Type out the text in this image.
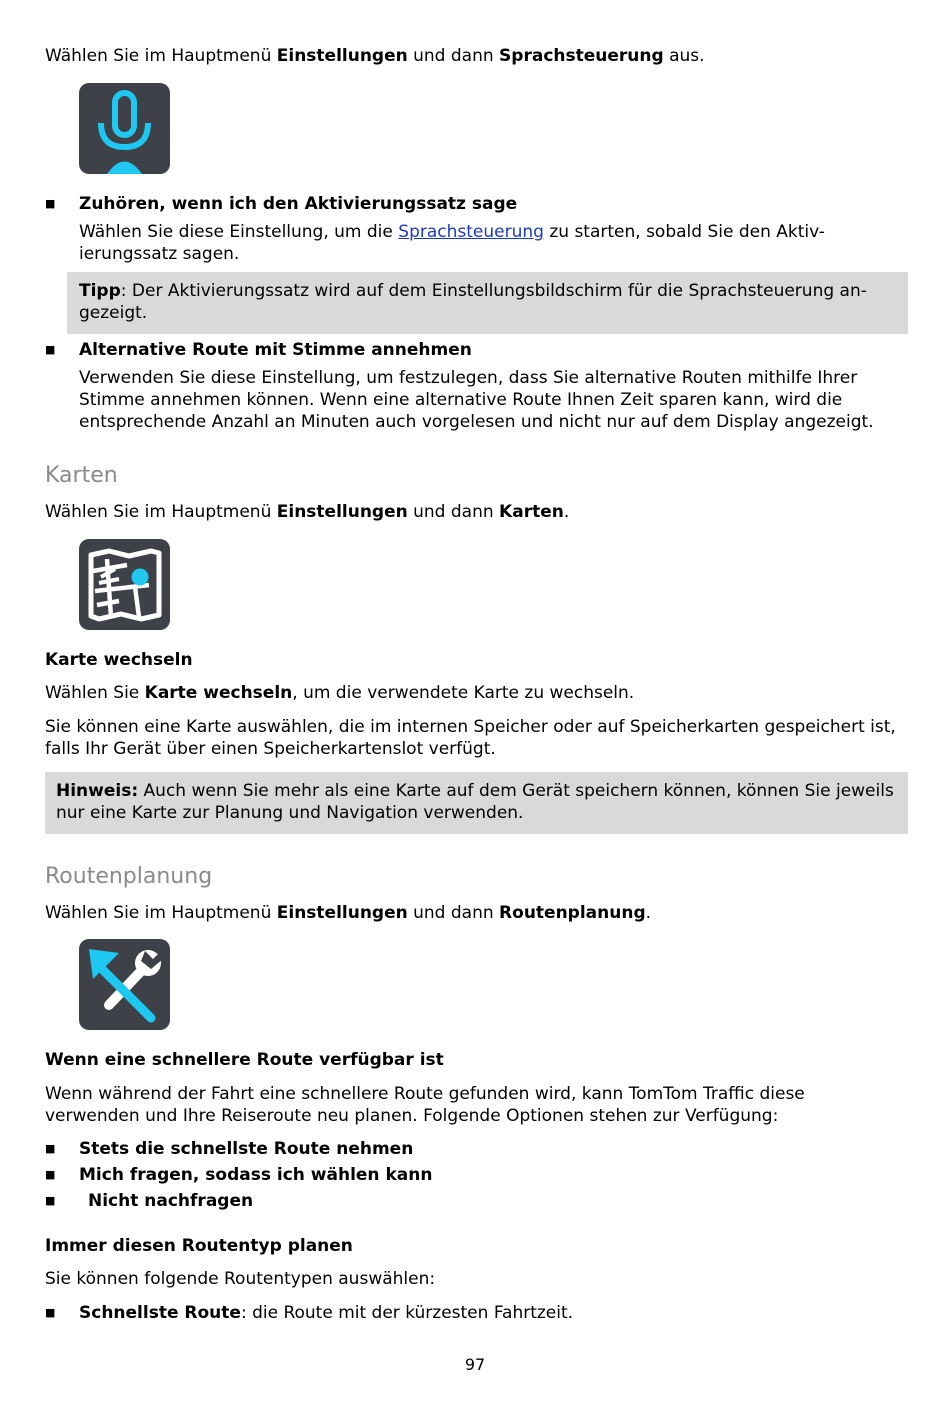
Wählen Sie im Hauptmenü Einstellungen und dann Sprachsteuerung aus.
■ Zuhören, wenn ich den Aktivierungssatz sage
Wählen Sie diese Einstellung, um die Sprachsteuerung zu starten, sobald Sie den Aktiv-
ierungssatz sagen.
Tipp: Der Aktivierungssatz wird auf dem Einstellungsbildschirm für die Sprachsteuerung an-
gezeigt.
■ Alternative Route mit Stimme annehmen
Verwenden Sie diese Einstellung, um festzulegen, dass Sie alternative Routen mithilfe Ihrer
Stimme annehmen können. Wenn eine alternative Route Ihnen Zeit sparen kann, wird die
entsprechende Anzahl an Minuten auch vorgelesen und nicht nur auf dem Display angezeigt.
Karten
Wählen Sie im Hauptmenü Einstellungen und dann Karten.
Karte wechseln
Wählen Sie Karte wechseln, um die verwendete Karte zu wechseln.
Sie können eine Karte auswählen, die im internen Speicher oder auf Speicherkarten gespeichert ist,
falls Ihr Gerät über einen Speicherkartenslot verfügt.
Hinweis: Auch wenn Sie mehr als eine Karte auf dem Gerät speichern können, können Sie jeweils
nur eine Karte zur Planung und Navigation verwenden.
Routenplanung
Wählen Sie im Hauptmenü Einstellungen und dann Routenplanung.
Wenn eine schnellere Route verfügbar ist
Wenn während der Fahrt eine schnellere Route gefunden wird, kann TomTom Traffic diese
verwenden und Ihre Reiseroute neu planen. Folgende Optionen stehen zur Verfügung:
■ Stets die schnellste Route nehmen
■ Mich fragen, sodass ich wählen kann
■ Nicht nachfragen
Immer diesen Routentyp planen
Sie können folgende Routentypen auswählen:
■ Schnellste Route: die Route mit der kürzesten Fahrtzeit.
97
